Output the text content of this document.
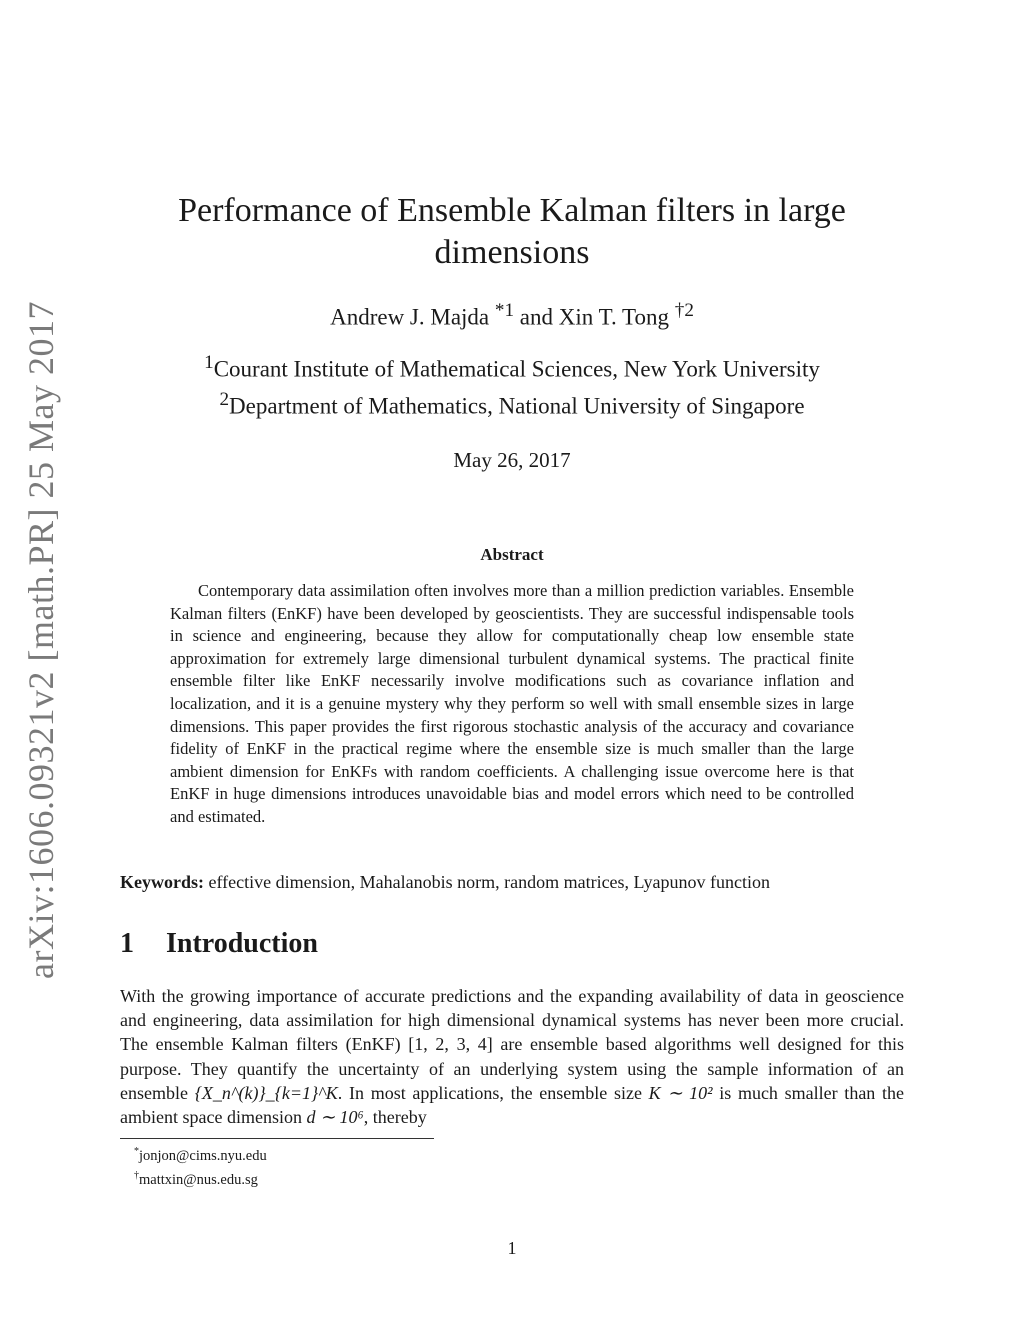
arXiv:1606.09321v2 [math.PR] 25 May 2017
Performance of Ensemble Kalman filters in large
dimensions
Andrew J. Majda $^{*1}$ and Xin T. Tong $^{\dagger 2}$
$^1$Courant Institute of Mathematical Sciences, New York University
$^2$Department of Mathematics, National University of Singapore
May 26, 2017
Abstract

Contemporary data assimilation often involves more than a million prediction variables. Ensemble Kalman filters (EnKF) have been developed by geoscientists. They are successful indispensable tools in science and engineering, because they allow for computationally cheap low ensemble state approximation for extremely large dimensional turbulent dynamical systems. The practical finite ensemble filter like EnKF necessarily involve modifications such as covariance inflation and localization, and it is a genuine mystery why they perform so well with small ensemble sizes in large dimensions. This paper provides the first rigorous stochastic analysis of the accuracy and covariance fidelity of EnKF in the practical regime where the ensemble size is much smaller than the large ambient dimension for EnKFs with random coefficients. A challenging issue overcome here is that EnKF in huge dimensions introduces unavoidable bias and model errors which need to be controlled and estimated.

Keywords: effective dimension, Mahalanobis norm, random matrices, Lyapunov function
1 Introduction

With the growing importance of accurate predictions and the expanding availability of data in geoscience and engineering, data assimilation for high dimensional dynamical systems has never been more crucial. The ensemble Kalman filters (EnKF) [1, 2, 3, 4] are ensemble based algorithms well designed for this purpose. They quantify the uncertainty of an underlying system using the sample information of an ensemble {X_n^(k)}_{k=1}^K. In most applications, the ensemble size K ∼ 10² is much smaller than the ambient space dimension d ∼ 10⁶, thereby

*jonjon@cims.nyu.edu
†mattxin@nus.edu.sg
1
